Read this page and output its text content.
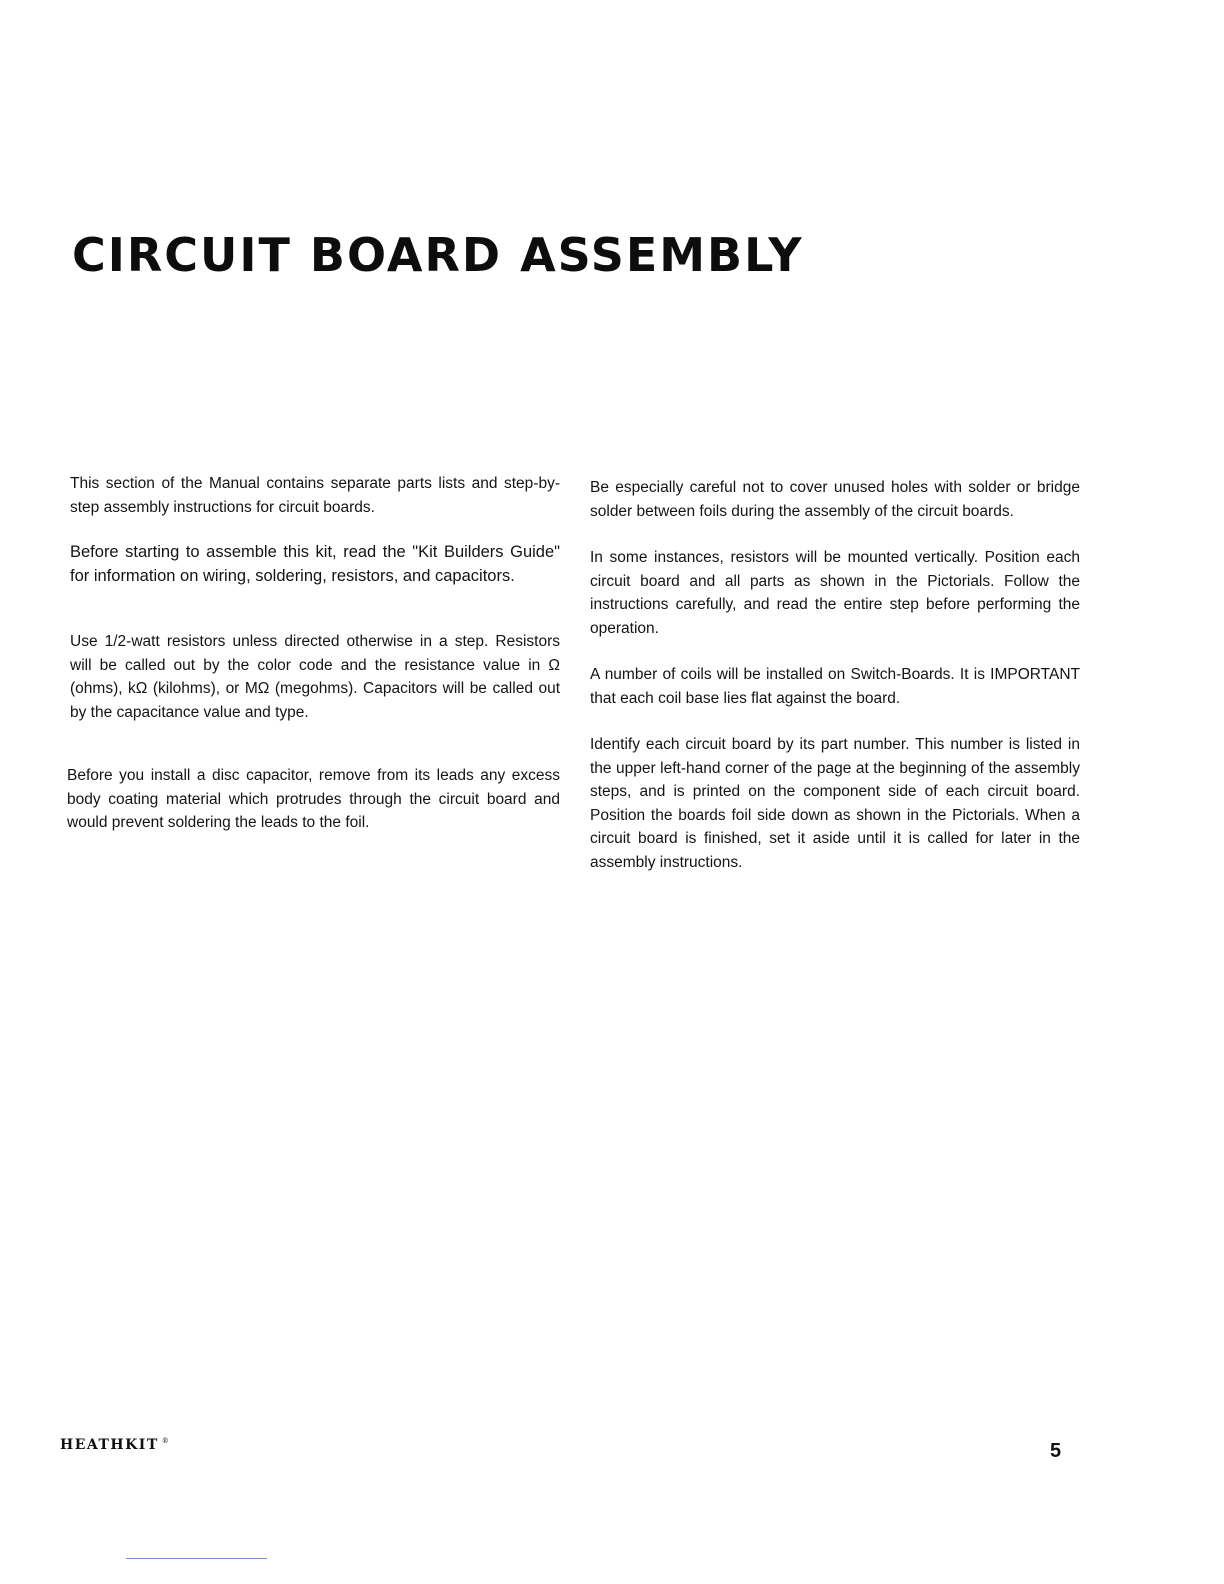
CIRCUIT BOARD ASSEMBLY

This section of the Manual contains separate parts lists and step-by-step assembly instructions for circuit boards.

Before starting to assemble this kit, read the "Kit Builders Guide" for information on wiring, soldering, resistors, and capacitors.

Use 1/2-watt resistors unless directed otherwise in a step. Resistors will be called out by the color code and the resistance value in Ω (ohms), kΩ (kilohms), or MΩ (megohms). Capacitors will be called out by the capacitance value and type.

Before you install a disc capacitor, remove from its leads any excess body coating material which protrudes through the circuit board and would prevent soldering the leads to the foil.

Be especially careful not to cover unused holes with solder or bridge solder between foils during the assembly of the circuit boards.

In some instances, resistors will be mounted vertically. Position each circuit board and all parts as shown in the Pictorials. Follow the instructions carefully, and read the entire step before performing the operation.

A number of coils will be installed on Switch-Boards. It is IMPORTANT that each coil base lies flat against the board.

Identify each circuit board by its part number. This number is listed in the upper left-hand corner of the page at the beginning of the assembly steps, and is printed on the component side of each circuit board. Position the boards foil side down as shown in the Pictorials. When a circuit board is finished, set it aside until it is called for later in the assembly instructions.

HEATHKIT ®	5
